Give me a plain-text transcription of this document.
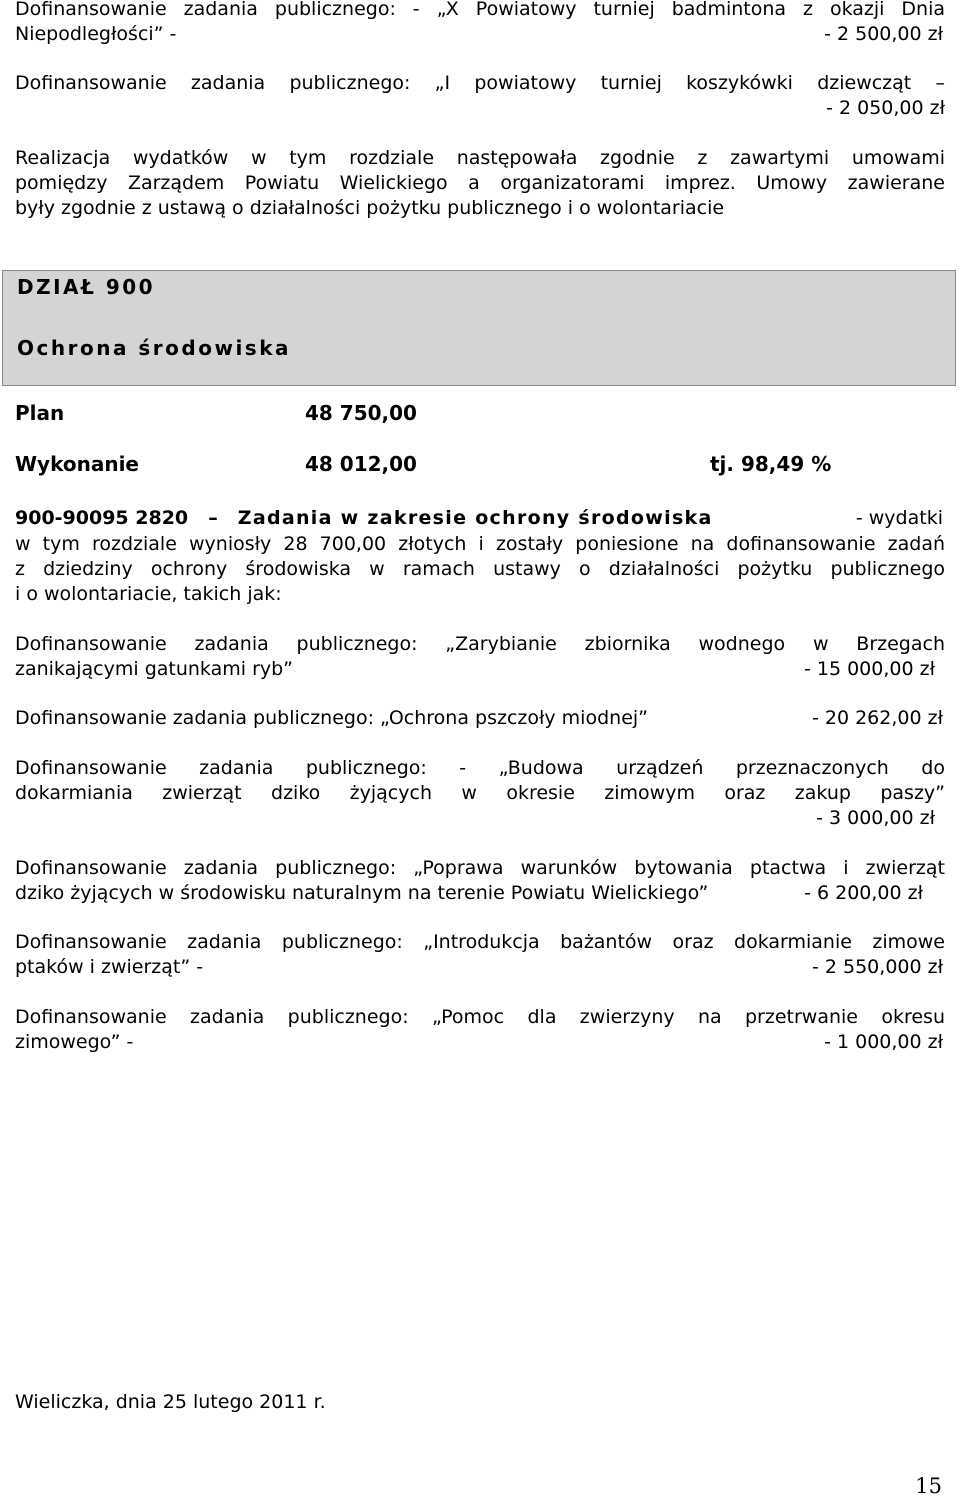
Dofinansowanie zadania publicznego: - „X Powiatowy turniej badmintona z okazji Dnia
Niepodległości” -	- 2 500,00 zł
Dofinansowanie zadania publicznego: „I powiatowy turniej koszykówki dziewcząt –
- 2 050,00 zł
Realizacja wydatków w tym rozdziale następowała zgodnie z zawartymi umowami
pomiędzy Zarządem Powiatu Wielickiego a organizatorami imprez. Umowy zawierane
były zgodnie z ustawą o działalności pożytku publicznego i o wolontariacie
DZIAŁ 900
Ochrona środowiska
Plan	48 750,00
Wykonanie	48 012,00	tj. 98,49 %
900-90095 2820 – Zadania w zakresie ochrony środowiska	- wydatki
w tym rozdziale wyniosły 28 700,00 złotych i zostały poniesione na dofinansowanie zadań
z dziedziny ochrony środowiska w ramach ustawy o działalności pożytku publicznego
i o wolontariacie, takich jak:
Dofinansowanie zadania publicznego: „Zarybianie zbiornika wodnego w Brzegach
zanikającymi gatunkami ryb”	- 15 000,00 zł
Dofinansowanie zadania publicznego: „Ochrona pszczoły miodnej”	- 20 262,00 zł
Dofinansowanie zadania publicznego: - „Budowa urządzeń przeznaczonych do
dokarmiania zwierząt dziko żyjących w okresie zimowym oraz zakup paszy”
- 3 000,00 zł
Dofinansowanie zadania publicznego: „Poprawa warunków bytowania ptactwa i zwierząt
dziko żyjących w środowisku naturalnym na terenie Powiatu Wielickiego”	- 6 200,00 zł
Dofinansowanie zadania publicznego: „Introdukcja bażantów oraz dokarmianie zimowe
ptaków i zwierząt” -	- 2 550,000 zł
Dofinansowanie zadania publicznego: „Pomoc dla zwierzyny na przetrwanie okresu
zimowego” -	- 1 000,00 zł
Wieliczka, dnia 25 lutego 2011 r.
15
